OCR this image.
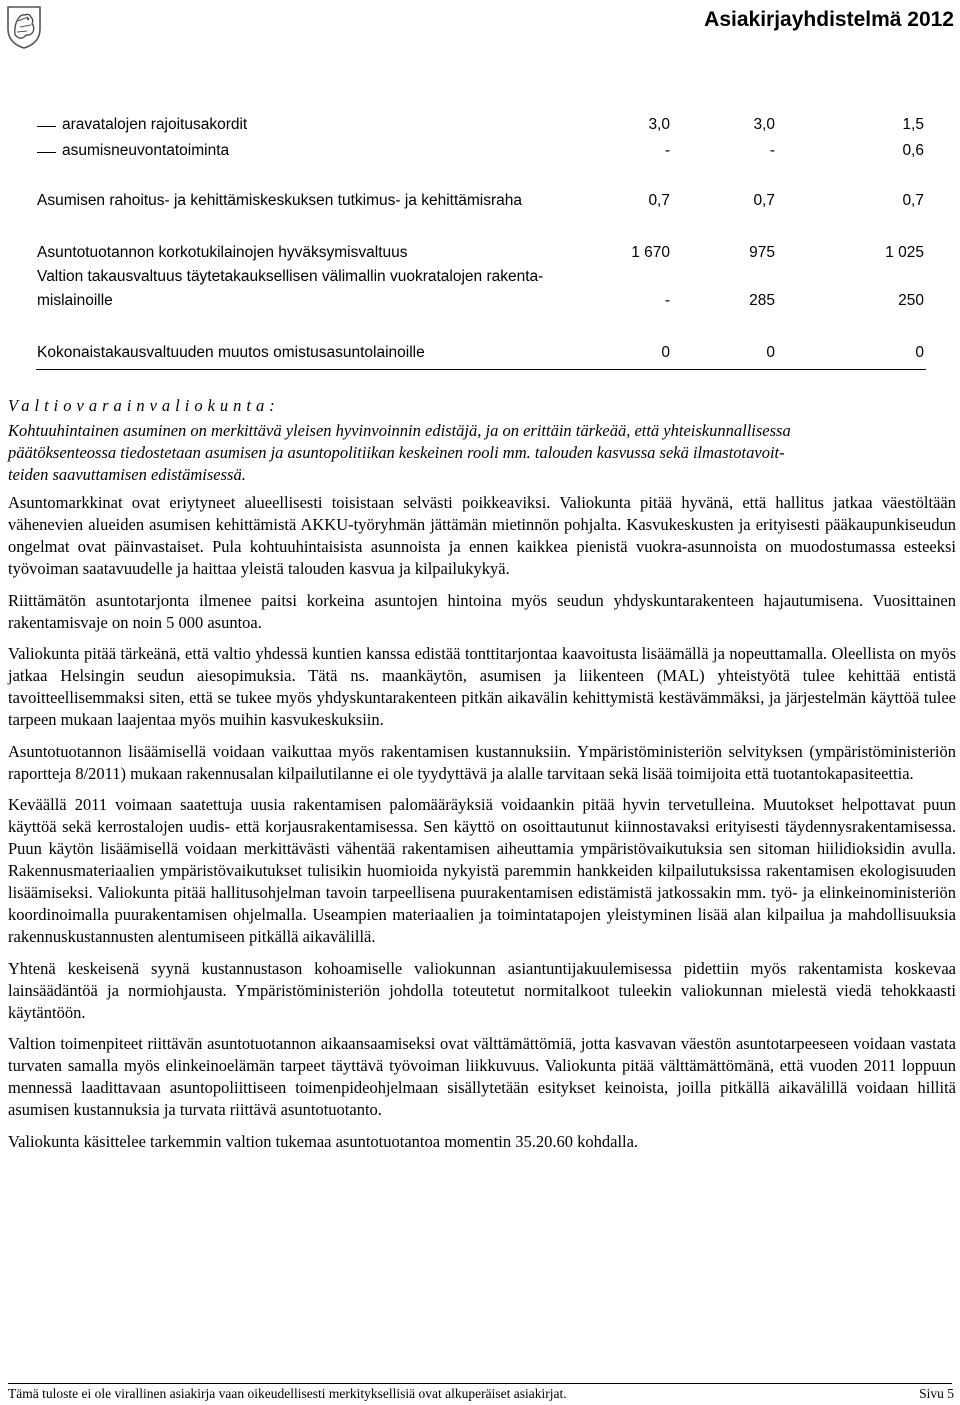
Asiakirjayhdistelmä 2012
aravatalojen rajoitusakordit	3,0	3,0	1,5
asumisneuvontatoiminta	-	-	0,6
Asumisen rahoitus- ja kehittämiskeskuksen tutkimus- ja kehittämisraha	0,7	0,7	0,7
Asuntotuotannon korkotukilainojen hyväksymisvaltuus	1 670	975	1 025
Valtion takausvaltuus täytetakauksellisen välimallin vuokratalojen rakenta-
mislainoille	-	285	250
Kokonaistakausvaltuuden muutos omistusasuntolainoille	0	0	0
Valtiovarainvaliokunta:

Kohtuuhintainen asuminen on merkittävä yleisen hyvinvoinnin edistäjä, ja on erittäin tärkeää, että yhteiskunnallisessa

päätöksenteossa tiedostetaan asumisen ja asuntopolitiikan keskeinen rooli mm. talouden kasvussa sekä ilmastotavoit-

teiden saavuttamisen edistämisessä.

Asuntomarkkinat ovat eriytyneet alueellisesti toisistaan selvästi poikkeaviksi. Valiokunta pitää hyvänä, että hallitus jatkaa väestöltään vähenevien alueiden asumisen kehittämistä AKKU-työryhmän jättämän mietinnön pohjalta. Kasvukeskusten ja erityisesti pääkaupunkiseudun ongelmat ovat päinvastaiset. Pula kohtuuhintaisista asunnoista ja ennen kaikkea pienistä vuokra-asunnoista on muodostumassa esteeksi työvoiman saatavuudelle ja haittaa yleistä talouden kasvua ja kilpailukykyä.

Riittämätön asuntotarjonta ilmenee paitsi korkeina asuntojen hintoina myös seudun yhdyskuntarakenteen hajautumisena. Vuosittainen rakentamisvaje on noin 5 000 asuntoa.

Valiokunta pitää tärkeänä, että valtio yhdessä kuntien kanssa edistää tonttitarjontaa kaavoitusta lisäämällä ja nopeuttamalla. Oleellista on myös jatkaa Helsingin seudun aiesopimuksia. Tätä ns. maankäytön, asumisen ja liikenteen (MAL) yhteistyötä tulee kehittää entistä tavoitteellisemmaksi siten, että se tukee myös yhdyskuntarakenteen pitkän aikavälin kehittymistä kestävämmäksi, ja järjestelmän käyttöä tulee tarpeen mukaan laajentaa myös muihin kasvukeskuksiin.

Asuntotuotannon lisäämisellä voidaan vaikuttaa myös rakentamisen kustannuksiin. Ympäristöministeriön selvityksen (ympäristöministeriön raportteja 8/2011) mukaan rakennusalan kilpailutilanne ei ole tyydyttävä ja alalle tarvitaan sekä lisää toimijoita että tuotantokapasiteettia.

Keväällä 2011 voimaan saatettuja uusia rakentamisen palomääräyksiä voidaankin pitää hyvin tervetulleina. Muutokset helpottavat puun käyttöä sekä kerrostalojen uudis- että korjausrakentamisessa. Sen käyttö on osoittautunut kiinnostavaksi erityisesti täydennysrakentamisessa. Puun käytön lisäämisellä voidaan merkittävästi vähentää rakentamisen aiheuttamia ympäristövaikutuksia sen sitoman hiilidioksidin avulla. Rakennusmateriaalien ympäristövaikutukset tulisikin huomioida nykyistä paremmin hankkeiden kilpailutuksissa rakentamisen ekologisuuden lisäämiseksi. Valiokunta pitää hallitusohjelman tavoin tarpeellisena puurakentamisen edistämistä jatkossakin mm. työ- ja elinkeinoministeriön koordinoimalla puurakentamisen ohjelmalla. Useampien materiaalien ja toimintatapojen yleistyminen lisää alan kilpailua ja mahdollisuuksia rakennuskustannusten alentumiseen pitkällä aikavälillä.

Yhtenä keskeisenä syynä kustannustason kohoamiselle valiokunnan asiantuntijakuulemisessa pidettiin myös rakentamista koskevaa lainsäädäntöä ja normiohjausta. Ympäristöministeriön johdolla toteutetut normitalkoot tuleekin valiokunnan mielestä viedä tehokkaasti käytäntöön.

Valtion toimenpiteet riittävän asuntotuotannon aikaansaamiseksi ovat välttämättömiä, jotta kasvavan väestön asuntotarpeeseen voidaan vastata turvaten samalla myös elinkeinoelämän tarpeet täyttävä työvoiman liikkuvuus. Valiokunta pitää välttämättömänä, että vuoden 2011 loppuun mennessä laadittavaan asuntopoliittiseen toimenpideohjelmaan sisällytetään esitykset keinoista, joilla pitkällä aikavälillä voidaan hillitä asumisen kustannuksia ja turvata riittävä asuntotuotanto.

Valiokunta käsittelee tarkemmin valtion tukemaa asuntotuotantoa momentin 35.20.60 kohdalla.

Tämä tuloste ei ole virallinen asiakirja vaan oikeudellisesti merkityksellisiä ovat alkuperäiset asiakirjat.	Sivu 5
